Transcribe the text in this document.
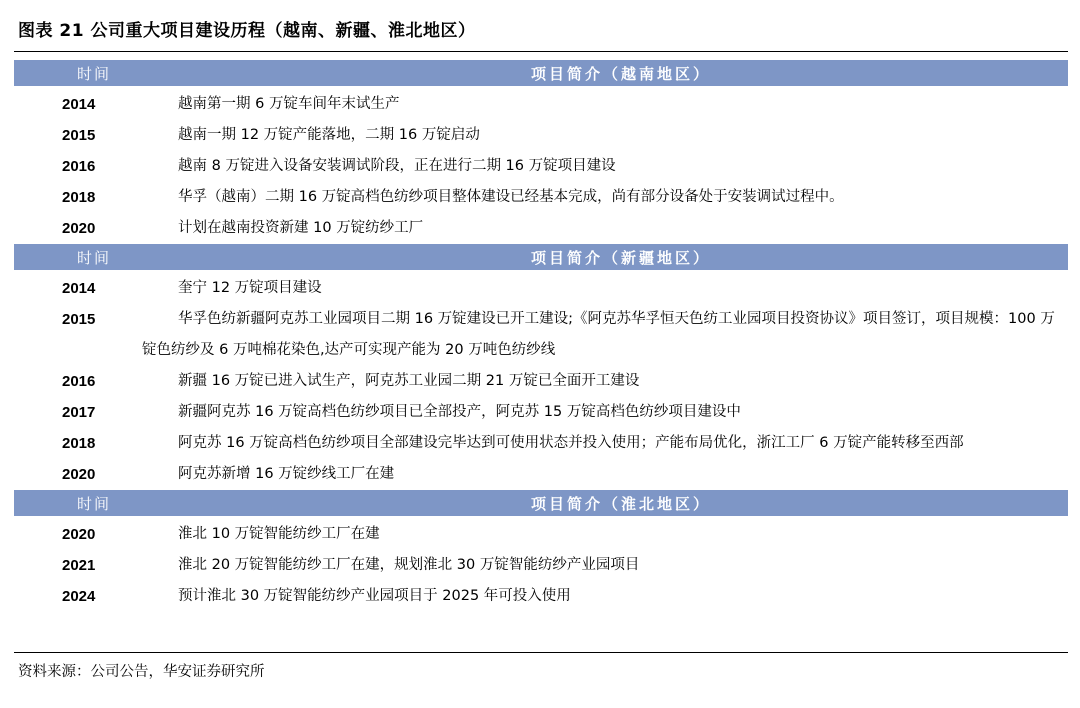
图表 21 公司重大项目建设历程（越南、新疆、淮北地区）
时间	项目简介（越南地区）
2014	越南第一期 6 万锭车间年末试生产
2015	越南一期 12 万锭产能落地，二期 16 万锭启动
2016	越南 8 万锭进入设备安装调试阶段，正在进行二期 16 万锭项目建设
2018	华孚（越南）二期 16 万锭高档色纺纱项目整体建设已经基本完成，尚有部分设备处于安装调试过程中。
2020	计划在越南投资新建 10 万锭纺纱工厂
时间	项目简介（新疆地区）
2014	奎宁 12 万锭项目建设
2015	华孚色纺新疆阿克苏工业园项目二期 16 万锭建设已开工建设;《阿克苏华孚恒天色纺工业园项目投资协议》项目签订，项目规模：100 万锭色纺纱及 6 万吨棉花染色,达产可实现产能为 20 万吨色纺纱线
2016	新疆 16 万锭已进入试生产，阿克苏工业园二期 21 万锭已全面开工建设
2017	新疆阿克苏 16 万锭高档色纺纱项目已全部投产，阿克苏 15 万锭高档色纺纱项目建设中
2018	阿克苏 16 万锭高档色纺纱项目全部建设完毕达到可使用状态并投入使用；产能布局优化，浙江工厂 6 万锭产能转移至西部
2020	阿克苏新增 16 万锭纱线工厂在建
时间	项目简介（淮北地区）
2020	淮北 10 万锭智能纺纱工厂在建
2021	淮北 20 万锭智能纺纱工厂在建，规划淮北 30 万锭智能纺纱产业园项目
2024	预计淮北 30 万锭智能纺纱产业园项目于 2025 年可投入使用
资料来源：公司公告，华安证券研究所
